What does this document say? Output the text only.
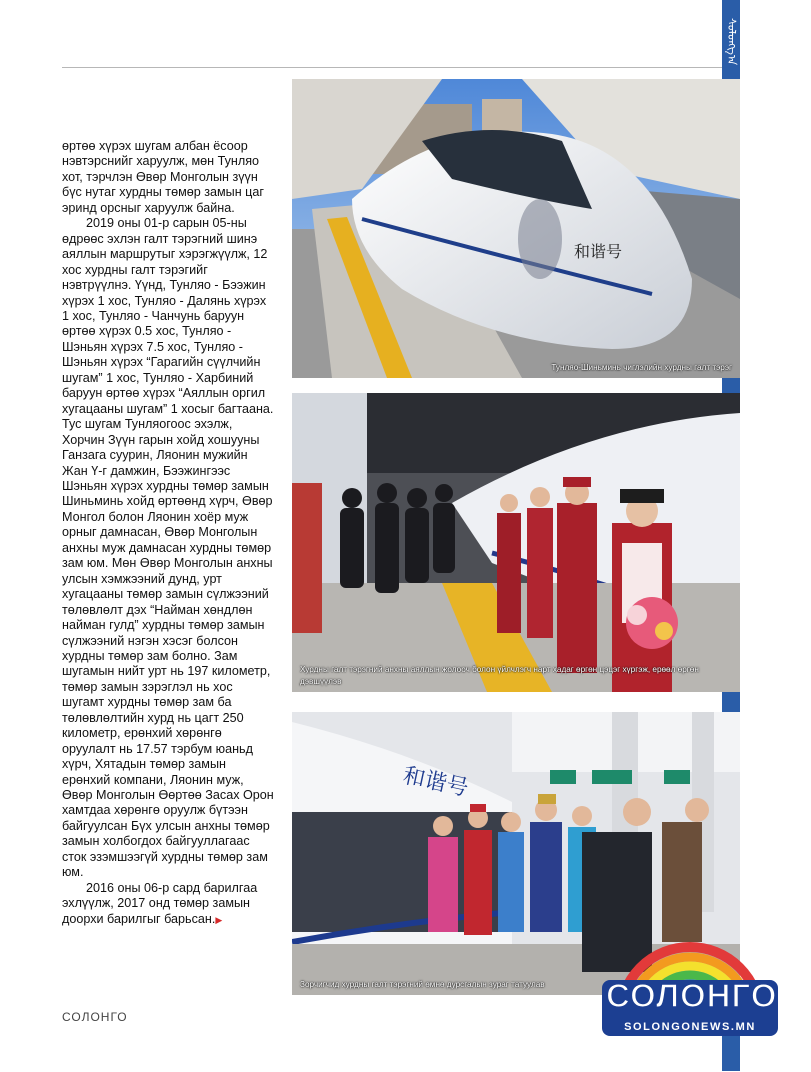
ᠰᠣᠯᠣᠩᠭ᠎ᠠ

өртөө хүрэх шугам албан ёсоор нэвтэрснийг харуулж, мөн Тунляо хот, тэрчлэн Өвөр Монголын зүүн бүс нутаг хурдны төмөр замын цаг эринд орсныг харуулж байна.

2019 оны 01-р сарын 05-ны өдрөөс эхлэн галт тэрэгний шинэ аяллын маршрутыг хэрэгжүүлж, 12 хос хурдны галт тэрэгийг нэвтрүүлнэ. Үүнд, Тунляо - Бээжин хүрэх 1 хос, Тунляо - Далянь хүрэх 1 хос, Тунляо - Чанчунь баруун өртөө хүрэх 0.5 хос, Тунляо - Шэньян хүрэх 7.5 хос, Тунляо - Шэньян хүрэх “Гарагийн сүүлчийн шугам” 1 хос, Тунляо - Харбиний баруун өртөө хүрэх “Аяллын оргил хугацааны шугам” 1 хосыг багтаана. Тус шугам Тунляогоос эхэлж, Хорчин Зүүн гарын хойд хошууны Ганзага суурин, Ляонин мужийн Жан Ү-г дамжин, Бээжингээс Шэньян хүрэх хурдны төмөр замын Шиньминь хойд өртөөнд хүрч, Өвөр Монгол болон Ляонин хоёр муж орныг дамнасан, Өвөр Монголын анхны муж дамнасан хурдны төмөр зам юм. Мөн Өвөр Монголын анхны улсын хэмжээний дунд, урт хугацааны төмөр замын сүлжээний төлөвлөлт дэх “Найман хөндлөн найман гулд” хурдны төмөр замын сүлжээний нэгэн хэсэг болсон хурдны төмөр зам болно. Зам шугамын нийт урт нь 197 километр, төмөр замын зэрэглэл нь хос шугамт хурдны төмөр зам ба төлөвлөлтийн хурд нь цагт 250 километр, ерөнхий хөрөнгө оруулалт нь 17.57 тэрбум юаньд хүрч, Хятадын төмөр замын ерөнхий компани, Ляонин муж, Өвөр Монголын Өөртөө Засах Орон хамтдаа хөрөнгө оруулж бүтээн байгуулсан Бүх улсын анхны төмөр замын холбогдох байгууллагаас сток эзэмшээгүй хурдны төмөр зам юм.

2016 оны 06-р сард барилгаа эхлүүлж, 2017 онд төмөр замын доорхи барилгыг барьсан.▶

和谐号
Тунляо-Шиньминь чиглэлийн хурдны галт тэрэг
Хурдны галт тэрэгний анхны аяллын жолооч болон үйлчлэгч нарт хадаг өргөн цэцэг хүргэж, ерөөл өргөн дэвшүүлэв
和谐号
Зорчигчид хурдны галт тэрэгний өмнө дурсгалын зураг татуулав
СОЛОНГО
СОЛОНГО
SOLONGONEWS.MN
